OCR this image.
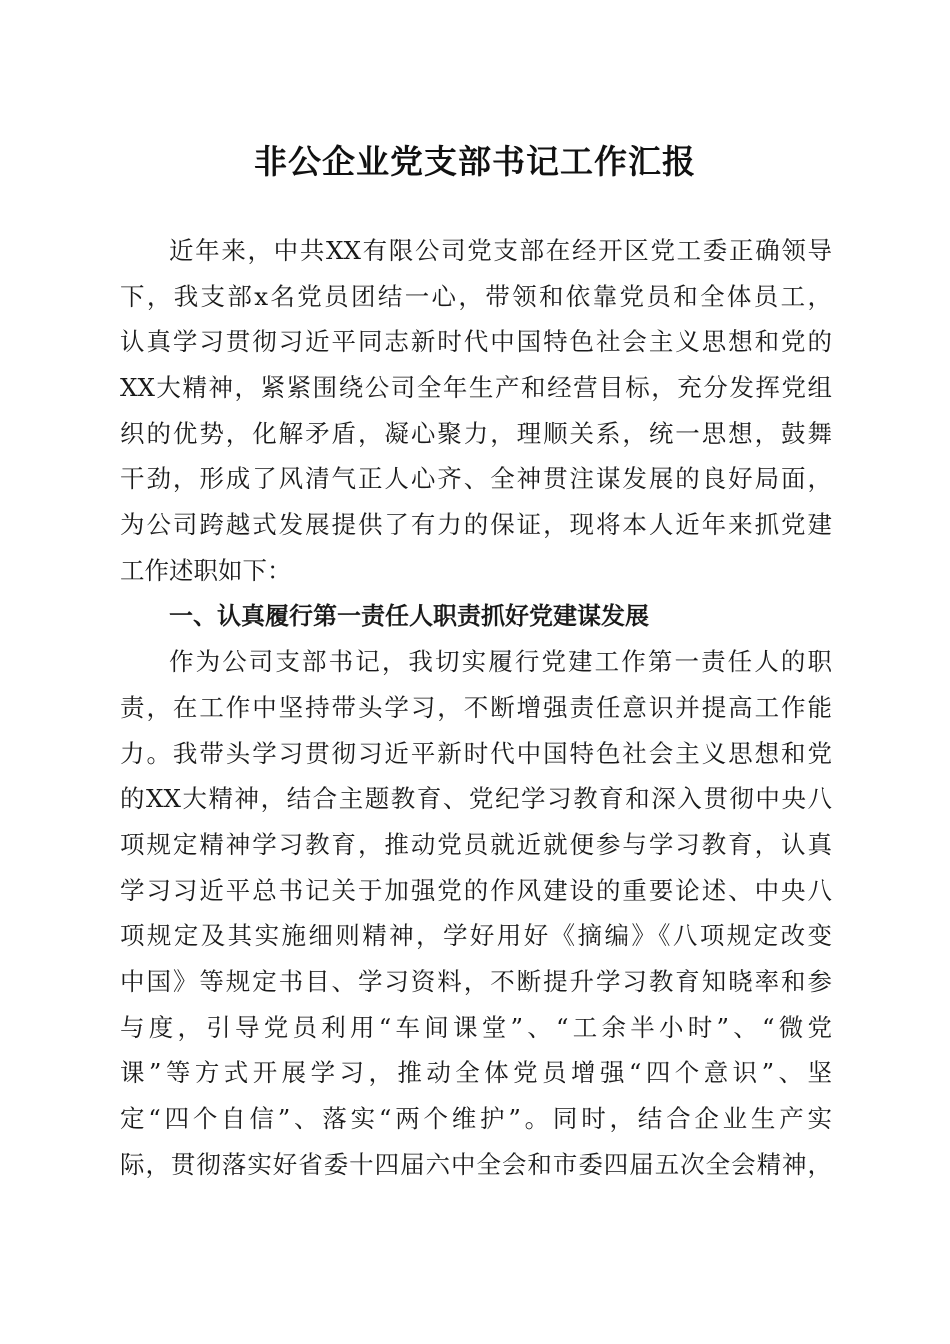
非公企业党支部书记工作汇报
近年来，中共XX有限公司党支部在经开区党工委正确领导
下，我支部x名党员团结一心，带领和依靠党员和全体员工，
认真学习贯彻习近平同志新时代中国特色社会主义思想和党的
XX大精神，紧紧围绕公司全年生产和经营目标，充分发挥党组
织的优势，化解矛盾，凝心聚力，理顺关系，统一思想，鼓舞
干劲，形成了风清气正人心齐、全神贯注谋发展的良好局面，
为公司跨越式发展提供了有力的保证，现将本人近年来抓党建
工作述职如下：
一、认真履行第一责任人职责抓好党建谋发展
作为公司支部书记，我切实履行党建工作第一责任人的职
责，在工作中坚持带头学习，不断增强责任意识并提高工作能
力。我带头学习贯彻习近平新时代中国特色社会主义思想和党
的XX大精神，结合主题教育、党纪学习教育和深入贯彻中央八
项规定精神学习教育，推动党员就近就便参与学习教育，认真
学习习近平总书记关于加强党的作风建设的重要论述、中央八
项规定及其实施细则精神，学好用好《摘编》《八项规定改变
中国》等规定书目、学习资料，不断提升学习教育知晓率和参
与度，引导党员利用“车间课堂”、“工余半小时”、“微党
课”等方式开展学习，推动全体党员增强“四个意识”、坚
定“四个自信”、落实“两个维护”。同时，结合企业生产实
际，贯彻落实好省委十四届六中全会和市委四届五次全会精神，
